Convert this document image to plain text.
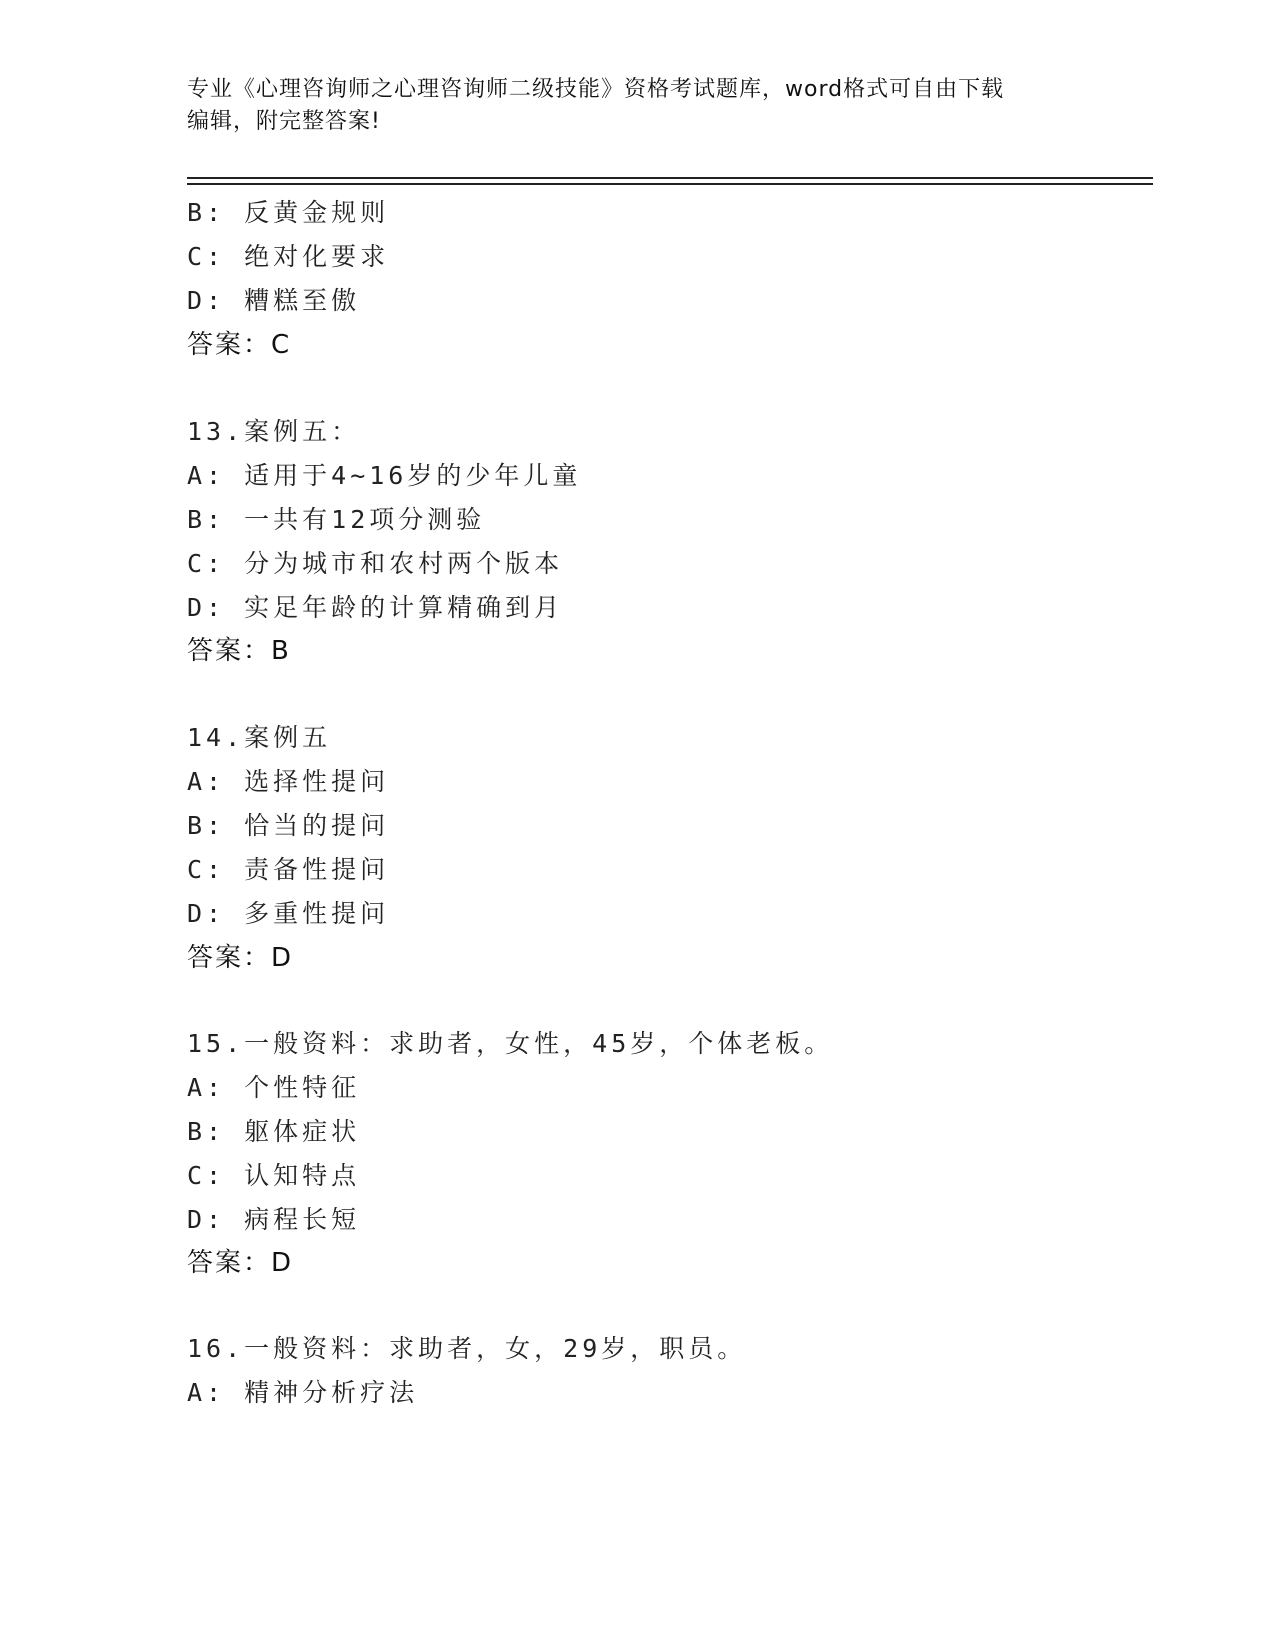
专业《心理咨询师之心理咨询师二级技能》资格考试题库，word格式可自由下载
编辑，附完整答案!
B: 反黄金规则
C: 绝对化要求
D: 糟糕至傲
答案：C
13.案例五：
A: 适用于4~16岁的少年儿童
B: 一共有12项分测验
C: 分为城市和农村两个版本
D: 实足年龄的计算精确到月
答案：B
14.案例五
A: 选择性提问
B: 恰当的提问
C: 责备性提问
D: 多重性提问
答案：D
15.一般资料：求助者，女性，45岁，个体老板。
A: 个性特征
B: 躯体症状
C: 认知特点
D: 病程长短
答案：D
16.一般资料：求助者，女，29岁，职员。
A: 精神分析疗法
